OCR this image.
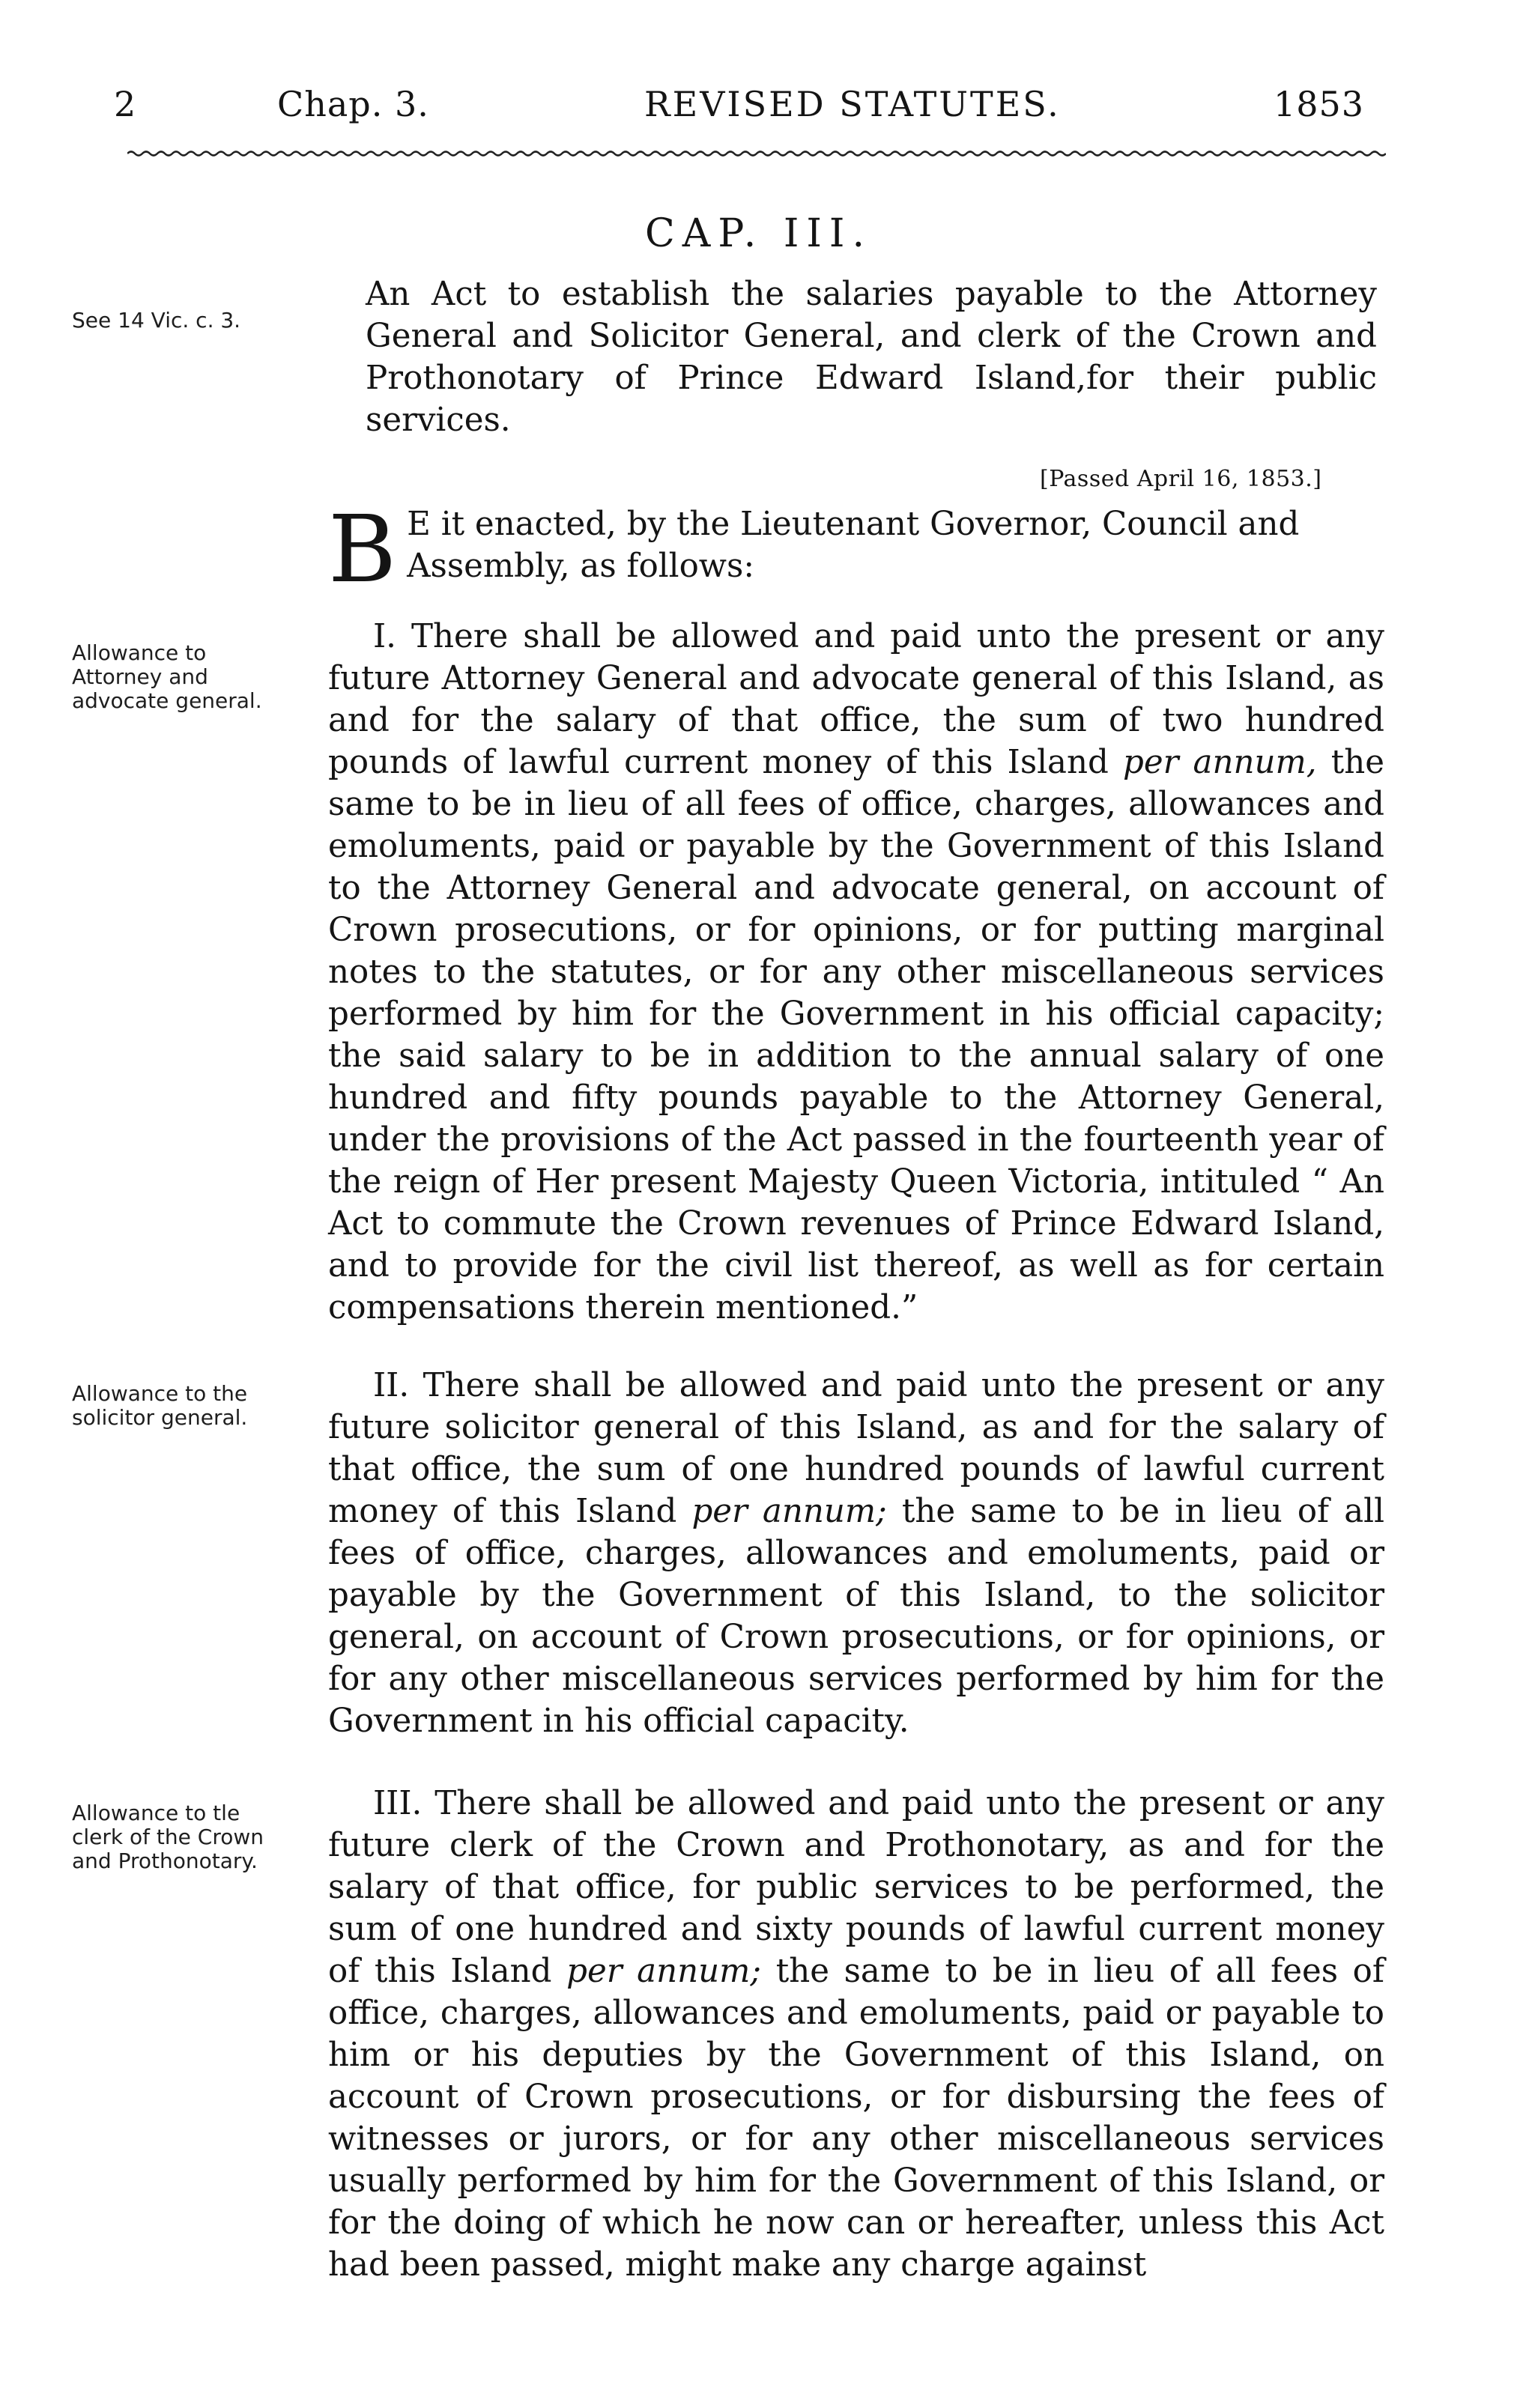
2	Chap. 3.	REVISED STATUTES.	1853
CAP. III.

See 14 Vic. c. 3.

An Act to establish the salaries payable to the Attorney General and Solicitor General, and clerk of the Crown and Prothonotary of Prince Edward Island,for their public services.

[Passed April 16, 1853.]
B E it enacted, by the Lieutenant Governor, Council and Assembly, as follows:

Allowance to Attorney and advocate general.

I. There shall be allowed and paid unto the present or any future Attorney General and advocate general of this Island, as and for the salary of that office, the sum of two hundred pounds of lawful current money of this Island per annum, the same to be in lieu of all fees of office, charges, allowances and emoluments, paid or payable by the Government of this Island to the Attorney General and advocate general, on account of Crown prosecutions, or for opinions, or for putting marginal notes to the statutes, or for any other miscellaneous services performed by him for the Government in his official capacity; the said salary to be in addition to the annual salary of one hundred and fifty pounds payable to the Attorney General, under the provisions of the Act passed in the fourteenth year of the reign of Her present Majesty Queen Victoria, intituled “ An Act to commute the Crown revenues of Prince Edward Island, and to provide for the civil list thereof, as well as for certain compensations therein mentioned.”

Allowance to the solicitor general.

II. There shall be allowed and paid unto the present or any future solicitor general of this Island, as and for the salary of that office, the sum of one hundred pounds of lawful current money of this Island per annum; the same to be in lieu of all fees of office, charges, allowances and emoluments, paid or payable by the Government of this Island, to the solicitor general, on account of Crown prosecutions, or for opinions, or for any other miscellaneous services performed by him for the Government in his official capacity.

Allowance to tle clerk of the Crown and Prothonotary.

III. There shall be allowed and paid unto the present or any future clerk of the Crown and Prothonotary, as and for the salary of that office, for public services to be performed, the sum of one hundred and sixty pounds of lawful current money of this Island per annum; the same to be in lieu of all fees of office, charges, allowances and emoluments, paid or payable to him or his deputies by the Government of this Island, on account of Crown prosecutions, or for disbursing the fees of witnesses or jurors, or for any other miscellaneous services usually performed by him for the Government of this Island, or for the doing of which he now can or hereafter, unless this Act had been passed, might make any charge against
